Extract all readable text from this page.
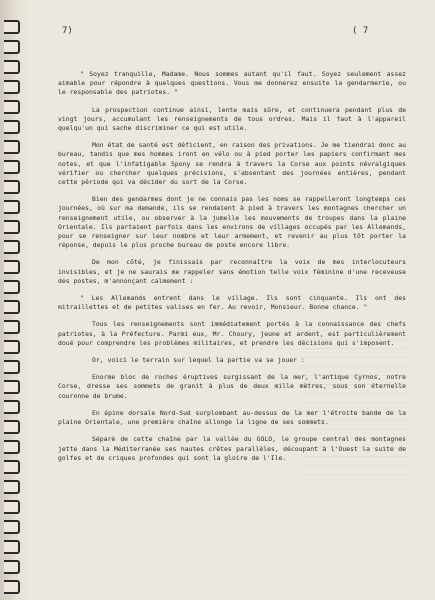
7)	( 7

" Soyez tranquille, Madame. Nous sommes autant qu'il faut. Soyez seulement assez aimable pour répondre à quelques questions. Vous me donnerez ensuite la gendarmerie, ou le responsable des patriotes. "

La prospection continue ainsi, lente mais sûre, et continuera pendant plus de vingt jours, accumulant les renseignements de tous ordres. Mais il faut à l'appareil quelqu'un qui sache discriminer ce qui est utile.

Mon état de santé est déficient, en raison des privations. Je me tiendrai donc au bureau, tandis que mes hommes iront en vélo ou à pied porter les papiers confirmant mes notes, et que l'infatigable Spony se rendra à travers la Corse aux points névralgiques vérifier ou chercher quelques précisions, s'absentant des journées entières, pendant cette période qui va décider du sort de la Corse.

Bien des gendarmes dont je ne connais pas les noms se rappelleront longtemps ces journées, où sur ma demande, ils se rendaient à pied à travers les montagnes chercher un renseignement utile, ou observer à la jumelle les mouvements de troupes dans la plaine Orientale. Ils partaient parfois dans les environs de villages occupés par les Allemands, pour se renseigner sur leur nombre et leur armement, et revenir au plus tôt porter la réponse, depuis le plus proche bureau de poste encore libre.

De mon côté, je finissais par reconnaître la voix de mes interlocuteurs invisibles, et je ne saurais me rappeler sans émotion telle voix féminine d'une receveuse des postes, m'annonçant calmement :

" Les Allemands entrent dans le village. Ils sont cinquante. Ils ont des mitraillettes et de petites valises en fer. Au revoir, Monsieur. Bonne chance. "

Tous les renseignements sont immédiatement portés à la connaissance des chefs patriotes, à la Préfecture. Parmi eux, Mr. Choury, jeune et ardent, est particulièrement doué pour comprendre les problèmes militaires, et prendre les décisions qui s'imposent.

Or, voici le terrain sur lequel la partie va se jouer :

Enorme bloc de roches éruptives surgissant de la mer, l'antique Cyrnos, notre Corse, dresse ses sommets de granit à plus de deux mille mètres, sous son éternelle couronne de brume.

En épine dorsale Nord-Sud surplombant au-dessus de la mer l'étroite bande de la plaine Orientale, une première chaîne allonge la ligne de ses sommets.

Séparé de cette chaîne par la vallée du GOLO, le groupe central des montagnes jette dans la Méditerranée ses hautes crêtes parallèles, découpant à l'Ouest la suite de golfes et de criques profondes qui sont la gloire de l'Ile.
